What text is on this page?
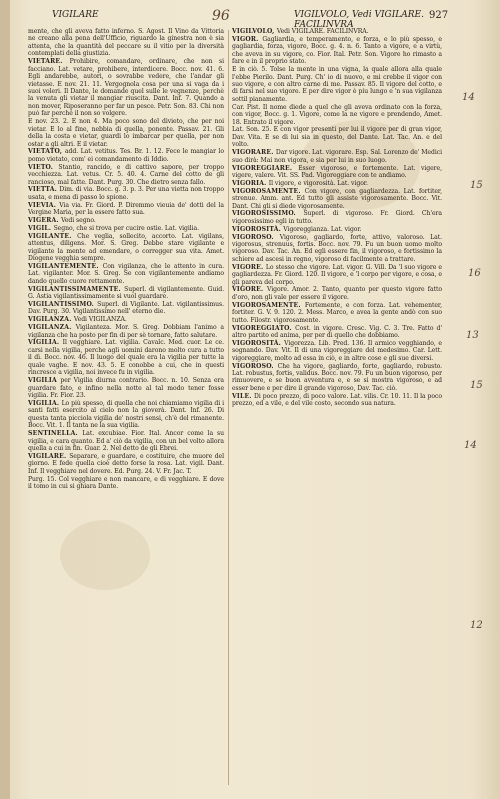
VIGILARE	96	VIGILVOLO, Vedi VIGILARE. FACILINVRA
927

mente, che gli aveva fatto inferno. S. Agost. Il Vino da Vittoria ne creano alla pena dell'Ufficio, riguardo la ginestra non è sia attenta, che la quantità del peccare su il vitio per la diversità contemplati della giustizia.

VIETARE. Prohibire, comandare, ordinare, che non si facciano. Lat. vetare, prohibere, interdicere. Bocc. nov. 41. 6. Egli andarebbe, autori, o sovrabbe vedere, che l'andar gli vietasse. E nov. 21. 11. Vergognola cosa per una si vaga da i suoi voleri. Il Dante, le domande quel sulle le vegnenze, perchè la venuta gli vietar il mangiar riuscita. Dant. Inf. 7. Quando a non mover, Riposeranno per far un pesce. Petr. Son. 83. Chi non può far perché il non so volgere.

E nov. 23. 2. E non 4. Ma poco sono del divieto, che per noi vietar. E lo al fine, nebbia di quella, ponente. Passav. 21. Gli della la costa e vietar, guardi lo imbarcar per quella, per non ostar a gli altri. E il vietar.

VIETATO, add. Lat. vetitus. Tes. Br. 1. 12. Fece le mangiar lo pomo vietato, com' ei comandamento di Iddio.

VIETO. Stantio, rancido, e di cattivo sapore, per troppo vecchiezza. Lat. vetus. Cr. 5. 40. 4. Carne del cotto de gli rancioso, mal fatte. Dant. Purg. 30. Che dietro senza fallo.

VIETTA. Dim. di via. Bocc. g. 3. p. 3. Per una vietta non troppo usata, e mena di passo lo spione.

VIEVIA. Via via. Fr. Giord. P. Diremmo vieuia de' dotti del la Vergine Maria, per la essere fatto sua.

VIGERA. Vedi segno.

VIGIL. Segno, che si trova per cucire ostie. Lat. vigilia.

VIGILANTE. Che veglia, sollecito, accorto. Lat. vigilans, attentus, diligens. Mor. S. Greg. Debbe stare vigilante e vigilante la mente ad emendare, o corregger sua vita. Amet. Diogene vegghia sempre.

VIGILANTEMENTE. Con vigilanza, che le attento in cura. Lat. vigilanter. Mor. S. Greg. Se con vigilantemente andiamo dando quello cuore rettamente.

VIGILANTISSIMAMENTE. Superl. di vigilantemente. Guid. G. Astia vigilantissimamente si vuol guardare.

VIGILANTISSIMO. Superl. di Vigilante. Lat. vigilantissimus. Dav. Purg. 30. Vigilantissimo nell' eterno die.

VIGILANZA. Vedi VIGILANZA.

VIGILANZA. Vigilanteza. Mor. S. Greg. Dobbiam l'animo a vigilanza che ha posto per fin di per sè tornare, fatto salutare.

VIGILIA. Il vegghiare. Lat. vigilia. Cavalc. Med. cuor. Le ce. carsi nella vigilia, perche agli uomini darono molto cura a tutto il dì. Bocc. nov. 46. Il luogo del quale era la vigilia per tutte la quale vaghe. E nov. 43. 5. E conobbe a cui, che in questi rincresce a vigilia, noi invece fu in vigilia.

VIGILIA per Vigilia diurna contrario. Bocc. n. 10. Senza era guardare fato, e infino nella notte al tal modo tener fosse vigilia. Fr. Fior. 23.

VIGILIA. Lo più spesso, di quella che noi chiamiamo vigilia di i santi fatti esercito al cielo non la gioverà. Dant. Inf. 26. Di questa tanta picciola vigilia de' nostri sensi, ch'è del rimanente. Bocc. Vit. 1. Il tanta ne la sua vigilia.

SENTINELLA. Lat. excubiae. Fior. Ital. Ancor come la su vigilia, e cara quanto. Ed a' ciò da vigilia, con un bel volto allora quella a cui in fin. Guar. 2. Nel detto de gli Ebrei.

VIGILARE. Separare, e guardare, e costituire, che muore del giorno. E fede quella cioè detto forse la rosa. Lat. vigil. Dant. Inf. Il vegghiare nel dovere. Ed. Purg. 24. V. Fr. Jac. T.

Purg. 15. Col vegghiare e non mancare, e di vegghiare. E dove il tomo in cui si ghiara Dante.

VIGILVOLO, Vedi VIGILARE. FACILINVRA.

VIGOR. Gagliardia, e temperamento, e forza, e lo più spesso, e gagliardia, forza, vigore, Bocc. g. 4. n. 6. Tanto a vigore, e a virtù, che aveva in su vigore, co. Fior. Ital. Petr. Son. Vigore ho rimasto a fare e in il proprio stato.

E in ciò. 5. Tolse la mente in una vigna, la quale allora alla quale l'ebbe Pierilo. Dant. Purg. Ch' io di nuovo, e mi crebbe il vigor con suo vigore, e con altro carne di me. Passav. 85. Il vigore del cotto, e di farsi nel suo vigore. E per dire vigor è piu lungo e 'n sua vigilanza sottil pianamente.

Car. Pist. Il nome diede a quel che gli aveva ordinato con la forza, con vigor, Bocc. g. 1. Vigore, come la ne vigore e prendendo, Amet. 18. Entrato il vigore.

Lat. Son. 25. E con vigor presenti per lui il vigore per di gran vigor, Dav. Vita. E se di lui sia in questo, del Dante. Lat. Tac. An. e del volto.

VIGORARE. Dar vigore. Lat. vigorare. Esp. Sal. Lorenzo de' Medici suo dirà: Mai non vigora, e sia per lui in suo luogo.

VIGOREGGIARE. Esser vigoroso, e fortemente. Lat. vigere, vigere, valere. Vit. SS. Pad. Vigoreggiare con te andiamo.

VIGORIA. Il vigore, e vigorosità. Lat. vigor.

VIGOROSAMENTE. Con vigore, con gagliardezza. Lat. fortiter, strenue. Amm. ant. Ed tutto gli assiste vigorosamente. Bocc. Vit. Dant. Chi gli si diede vigorosamente.

VIGOROSISSIMO. Superl. di vigoroso. Fr. Giord. Ch'era vigorosissimo egli in tutto.

VIGOROSITÀ. Vigoreggianza. Lat. vigor.

VIGOROSO. Vigoroso, gagliardo, forte, attivo, valoroso. Lat. vigorosus, strenuus, fortis. Bocc. nov. 79. Fu un buon uomo molto vigoroso. Dav. Tac. An. Ed egli essere fin, il vigoroso, e fortissimo la schiere ad ascesi in regno, vigoroso di facilmente a trattare.

VIGORE. Lo stesso che vigore. Lat. vigor. G. Vill. Da 'l suo vigore e gagliardezza. Fr. Giord. 120. Il vigore, e 'l corpo per vigore, e cosa, e gli pareva del corpo.

VIGORE. Vigore. Amor. 2. Tanto, quanto per questo vigore fatto d'oro, non gli vale per essere il vigore.

VIGOROSAMENTE. Fortemente, e con forza. Lat. vehementer, fortiter. G. V. 9. 120. 2. Mess. Marco, e avea la gente andò con suo tutto. Filostr. vigorosamente.

VIGOREGGIATO. Cost. in vigore. Cresc. Vig. C. 3. Tre. Fatto d' altro partito ed anima, per per di quello che dobbiamo.

VIGOROSITÀ. Vigorezza. Lib. Pred. 136. Il armico vegghiando, e sognando. Dav. Vit. Il di una vigoreggiare del medesimo. Car. Lett. vigoreggiare, molto ad essa in ciò, e in altre cose e gli sue diversi.

VIGOROSO. Che ha vigore, gagliardo, forte, gagliardo, robusto. Lat. robustus, fortis, validus. Bocc. nov. 79. Fu un buon vigoroso, per rimuovere, e se buon avventura e, e se si mostra vigoroso, e ad esser bene e per dire il grande vigoroso, Dav. Tac. ciò.

VILE. Di poco prezzo, di poco valore. Lat. vilis. Cr. 10. 11. Il la poco prezzo, ed a vile, e del vile costo, secondo sua natura.

14
15
16
13
15
14
12
